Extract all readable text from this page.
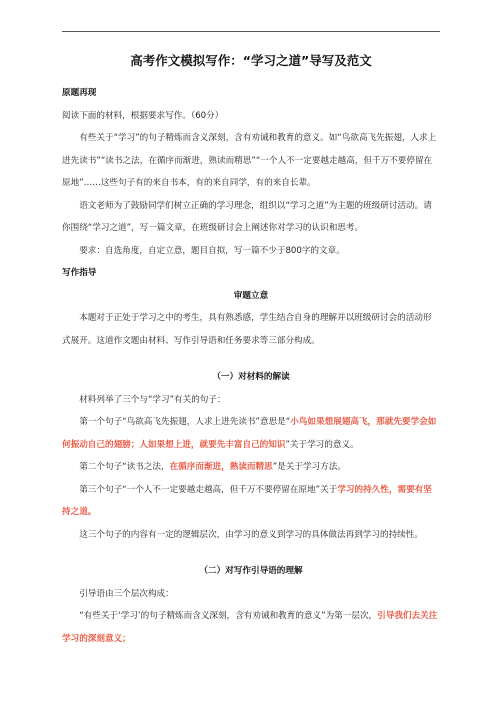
高考作文模拟写作：“学习之道”导写及范文
原题再现

阅读下面的材料，根据要求写作。（60分）

有些关于“学习”的句子精炼而含义深刻，含有劝诫和教育的意义。如“鸟欲高飞先振翅，人求上进先读书”“读书之法，在循序而渐进，熟读而精思”“一个人不一定要越走越高，但千万不要停留在原地”……这些句子有的来自书本，有的来自同学，有的来自长辈。

语文老师为了鼓励同学们树立正确的学习理念，组织以“学习之道”为主题的班级研讨活动。请你围绕“学习之道”，写一篇文章，在班级研讨会上阐述你对学习的认识和思考。

要求：自选角度，自定立意，题目自拟，写一篇不少于800字的文章。

写作指导
审题立意

本题对于正处于学习之中的考生，具有熟悉感，学生结合自身的理解并以班级研讨会的活动形式展开。这道作文题由材料、写作引导语和任务要求等三部分构成。

（一）对材料的解读

材料列举了三个与“学习”有关的句子：

第一个句子“鸟欲高飞先振翅，人求上进先读书”意思是“小鸟如果想展翅高飞，那就先要学会如何振动自己的翅膀；人如果想上进，就要先丰富自己的知识”关于学习的意义。

第二个句子“读书之法，在循序而渐进，熟读而精思”是关于学习方法。

第三个句子“一个人不一定要越走越高，但千万不要停留在原地”关于学习的持久性，需要有坚持之道。

这三个句子的内容有一定的逻辑层次，由学习的意义到学习的具体做法再到学习的持续性。

（二）对写作引导语的理解

引导语由三个层次构成：

“有些关于‘学习’的句子精炼而含义深刻，含有劝诫和教育的意义”为第一层次，引导我们去关注学习的深刻意义；
